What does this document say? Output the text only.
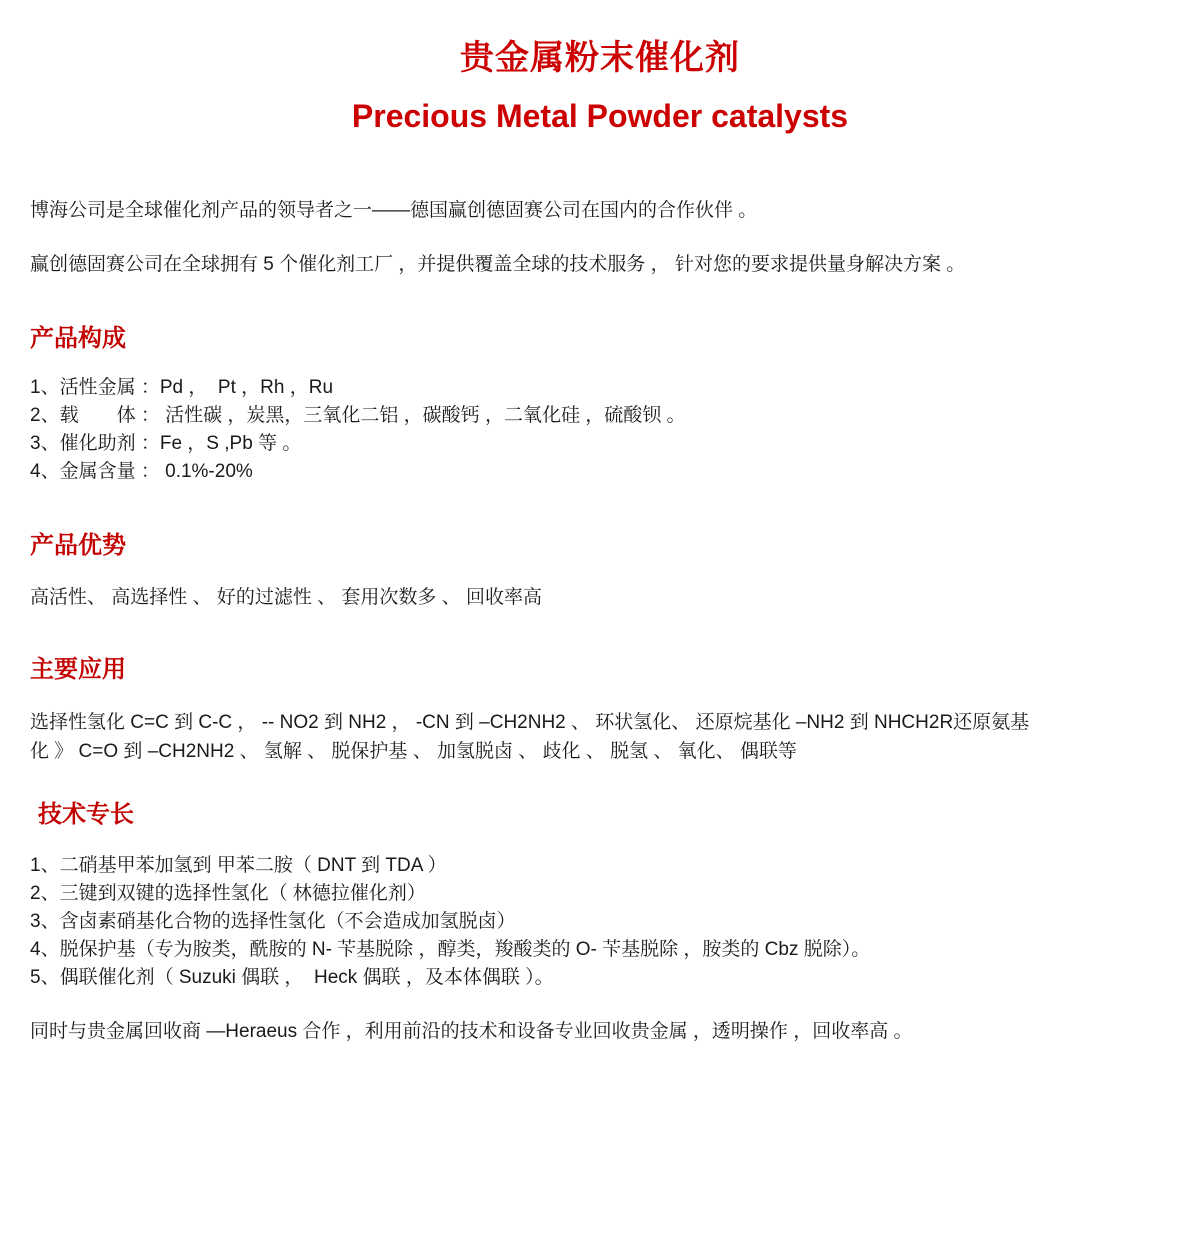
贵金属粉末催化剂
Precious Metal Powder catalysts

博海公司是全球催化剂产品的领导者之一——德国赢创德固赛公司在国内的合作伙伴 。

赢创德固赛公司在全球拥有 5 个催化剂工厂 ，并提供覆盖全球的技术服务 ， 针对您的要求提供量身解决方案 。

产品构成
1、活性金属 ：Pd ，  Pt ，Rh ，Ru
2、载　　体 ： 活性碳 ，炭黑，三氧化二铝 ，碳酸钙 ，二氧化硅 ，硫酸钡 。
3、催化助剂 ：Fe ，S ,Pb 等 。
4、金属含量 ： 0.1%-20%
产品优势
高活性、 高选择性 、 好的过滤性 、 套用次数多 、 回收率高
主要应用
选择性氢化 C=C 到 C-C ， -- NO2 到 NH2 ， -CN 到 –CH2NH2 、 环状氢化、 还原烷基化 –NH2 到 NHCH2R还原氨基
化 》 C=O 到 –CH2NH2 、 氢解 、 脱保护基 、 加氢脱卤 、 歧化 、 脱氢 、 氧化、 偶联等
技术专长
1、二硝基甲苯加氢到 甲苯二胺（ DNT 到 TDA ）
2、三键到双键的选择性氢化（ 林德拉催化剂）
3、含卤素硝基化合物的选择性氢化（不会造成加氢脱卤）
4、脱保护基（专为胺类，酰胺的 N- 苄基脱除 ，醇类，羧酸类的 O- 苄基脱除 ，胺类的 Cbz 脱除）。
5、偶联催化剂（ Suzuki 偶联 ，  Heck 偶联 ，及本体偶联 ）。

同时与贵金属回收商 —Heraeus 合作 ，利用前沿的技术和设备专业回收贵金属 ，透明操作 ，回收率高 。
